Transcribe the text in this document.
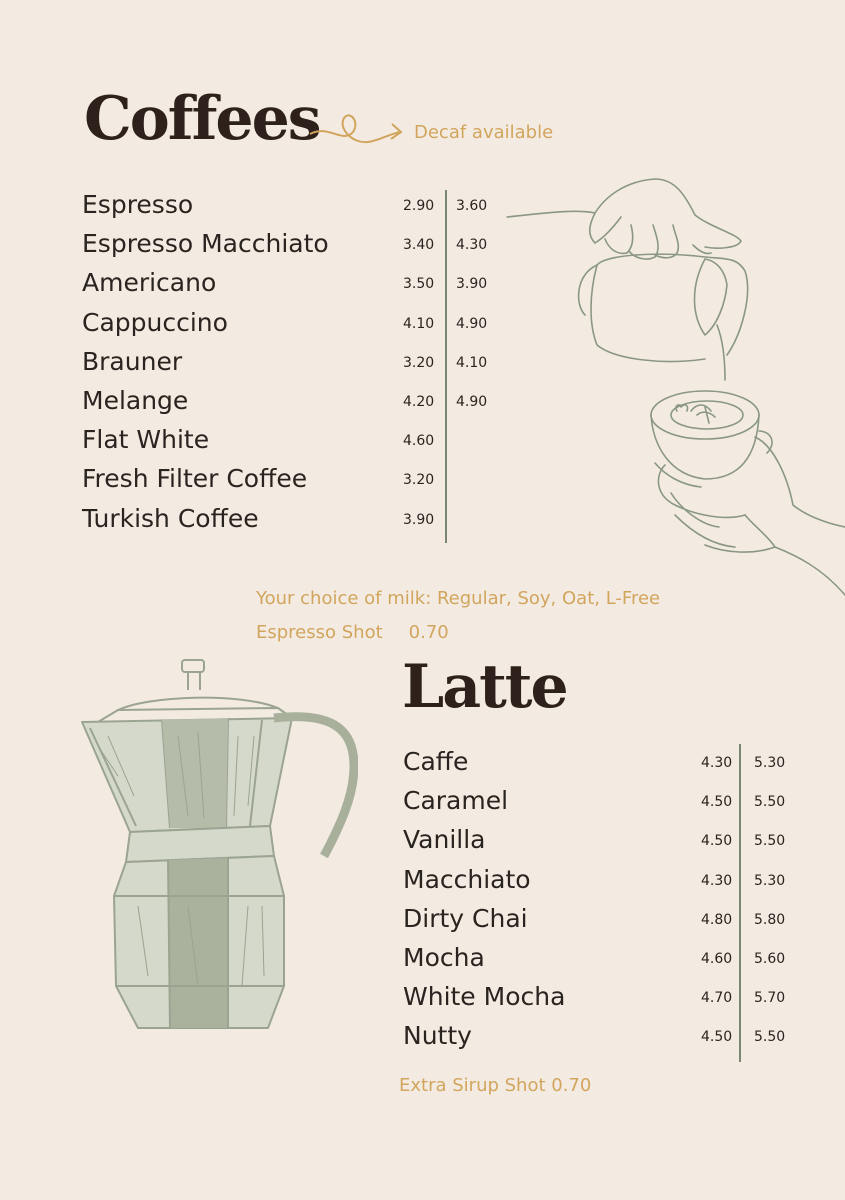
Coffees	Decaf available
Espresso	2.90 3.60
Espresso Macchiato	3.40 4.30
Americano	3.50 3.90
Cappuccino	4.10 4.90
Brauner	3.20 4.10
Melange	4.20 4.90
Flat White	4.60
Fresh Filter Coffee	3.20
Turkish Coffee	3.90
Your choice of milk: Regular, Soy, Oat, L-Free
Espresso Shot 0.70
Latte
Caffe	4.30 5.30
Caramel	4.50 5.50
Vanilla	4.50 5.50
Macchiato	4.30 5.30
Dirty Chai	4.80 5.80
Mocha	4.60 5.60
White Mocha	4.70 5.70
Nutty	4.50 5.50
Extra Sirup Shot 0.70
